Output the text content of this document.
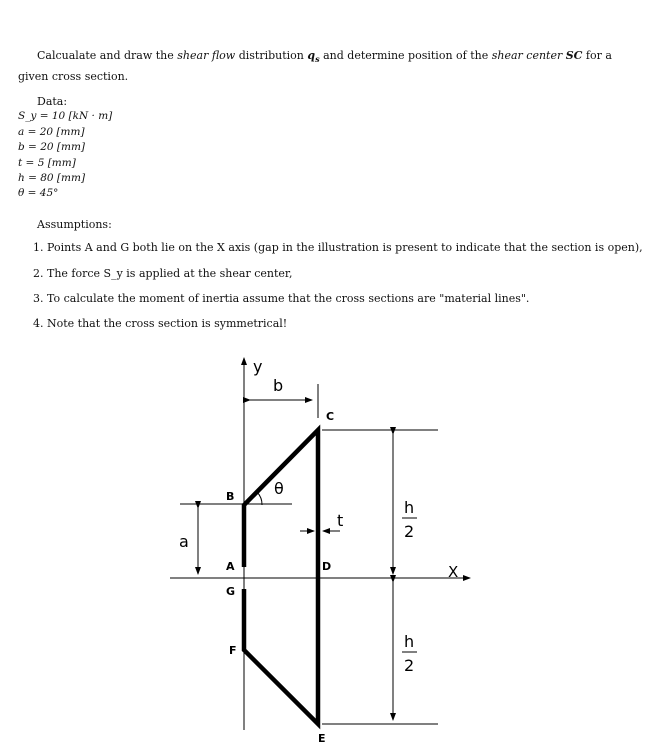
Calcualate and draw the shear flow distribution $q_s$ and determine position of the shear center SC for a given cross section.
Data:
S_y = 10 [kN · m]
a = 20 [mm]
b = 20 [mm]
t = 5 [mm]
h = 80 [mm]
θ = 45°
Assumptions:
1. Points A and G both lie on the X axis (gap in the illustration is present to indicate that the section is open),
2. The force S_y is applied at the shear center,
3. To calculate the moment of inertia assume that the cross sections are "material lines".
4. Note that the cross section is symmetrical!
y
X
b
a
h
2
h
2
t
θ
B
C
A	D
G
F
E
